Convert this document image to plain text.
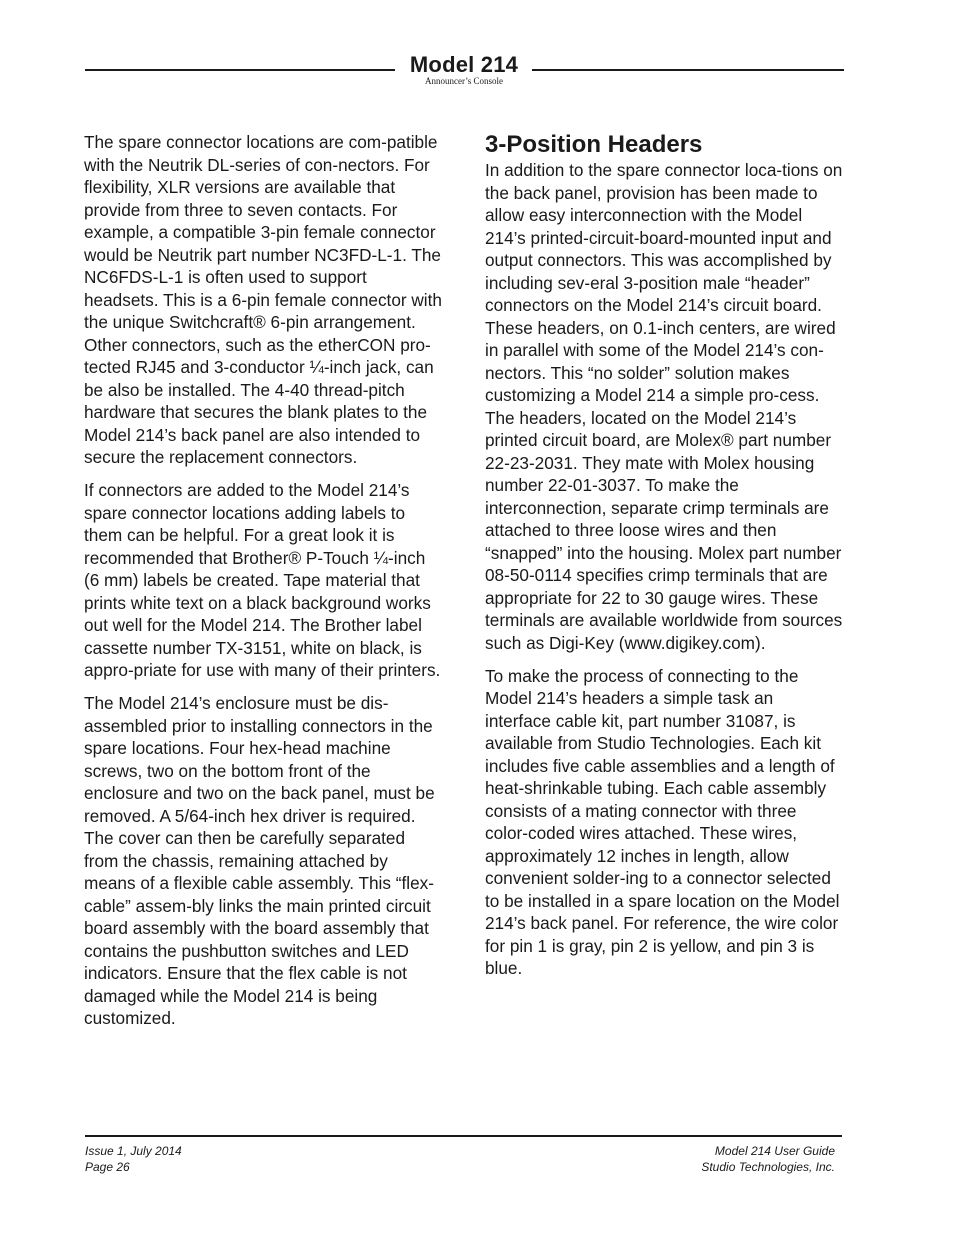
Model 214
Announcer’s Console

The spare connector locations are com-patible with the Neutrik DL-series of con-nectors. For flexibility, XLR versions are available that provide from three to seven contacts. For example, a compatible 3-pin female connector would be Neutrik part number NC3FD-L-1. The NC6FDS-L-1 is often used to support headsets. This is a 6-pin female connector with the unique Switchcraft® 6-pin arrangement. Other connectors, such as the etherCON pro-tected RJ45 and 3-conductor ¼-inch jack, can be also be installed. The 4-40 thread-pitch hardware that secures the blank plates to the Model 214’s back panel are also intended to secure the replacement connectors.

If connectors are added to the Model 214’s spare connector locations adding labels to them can be helpful. For a great look it is recommended that Brother® P-Touch ¼-inch (6 mm) labels be created. Tape material that prints white text on a black background works out well for the Model 214. The Brother label cassette number TX-3151, white on black, is appro-priate for use with many of their printers.

The Model 214’s enclosure must be dis-assembled prior to installing connectors in the spare locations. Four hex-head machine screws, two on the bottom front of the enclosure and two on the back panel, must be removed. A 5/64-inch hex driver is required. The cover can then be carefully separated from the chassis, remaining attached by means of a flexible cable assembly. This “flex-cable” assem-bly links the main printed circuit board assembly with the board assembly that contains the pushbutton switches and LED indicators. Ensure that the flex cable is not damaged while the Model 214 is being customized.

3-Position Headers

In addition to the spare connector loca-tions on the back panel, provision has been made to allow easy interconnection with the Model 214’s printed-circuit-board-mounted input and output connectors. This was accomplished by including sev-eral 3-position male “header” connectors on the Model 214’s circuit board. These headers, on 0.1-inch centers, are wired in parallel with some of the Model 214’s con-nectors. This “no solder” solution makes customizing a Model 214 a simple pro-cess. The headers, located on the Model 214’s printed circuit board, are Molex® part number 22-23-2031. They mate with Molex housing number 22-01-3037. To make the interconnection, separate crimp terminals are attached to three loose wires and then “snapped” into the housing. Molex part number 08-50-0114 specifies crimp terminals that are appropriate for 22 to 30 gauge wires. These terminals are available worldwide from sources such as Digi-Key (www.digikey.com).

To make the process of connecting to the Model 214’s headers a simple task an interface cable kit, part number 31087, is available from Studio Technologies. Each kit includes five cable assemblies and a length of heat-shrinkable tubing. Each cable assembly consists of a mating connector with three color-coded wires attached. These wires, approximately 12 inches in length, allow convenient solder-ing to a connector selected to be installed in a spare location on the Model 214’s back panel. For reference, the wire color for pin 1 is gray, pin 2 is yellow, and pin 3 is blue.

Issue 1, July 2014
Page 26
Model 214 User Guide
Studio Technologies, Inc.
